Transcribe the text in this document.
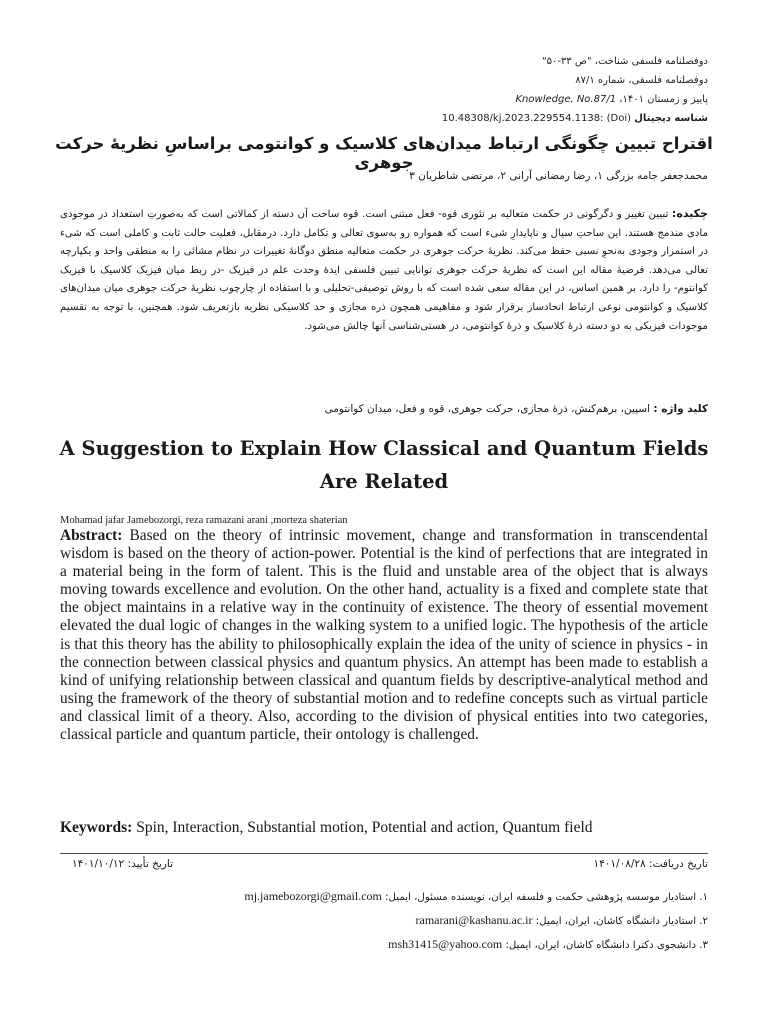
دوفصلنامه فلسفی شناخت، "ص ۳۳-۵۰"
دوفصلنامه فلسفی، شماره ۸۷/۱
پاییز و زمستان ۱۴۰۱، Knowledge, No.87/1
شناسه دیجیتال 10.48308/kj.2023.229554.1138: (Doi)
اقتراح تبیین چگونگی ارتباط میدان‌های کلاسیک و کوانتومی براساسِ نظریهٔ حرکت جوهری
محمدجعفر جامه بزرگی ۱، رضا رمضانی آرانی ۲، مرتضی شاطریان ۳
چکیده: تبیین تغییر و دگرگونی در حکمت متعالیه بر تئوری قوه- فعل مبتنی است. قوه ساحت آن دسته از کمالاتی است که به‌صورتِ استعداد در موجودی مادی مندمج هستند. این ساحتِ سیال و ناپایدارِ شیء است که همواره رو به‌سوی تعالی و تکامل دارد. درمقابل، فعلیت حالت ثابت و کاملی است که شیء در استمرار وجودی به‌نحوِ نسبی حفظ می‌کند. نظریهٔ حرکت جوهری در حکمت متعالیه منطق دوگانهٔ تغییرات در نظام مشائی را به منطقی واحد و یکپارچه تعالی می‌دهد. فرضیهٔ مقاله این است که نظریهٔ حرکت جوهری توانایی تبیین فلسفی ایدهٔ وحدت علم در فیزیک -در ربط میان فیزیک کلاسیک با فیزیک کوانتوم- را دارد. بر همین اساس، در این مقاله سعی شده است که با روش توصیفی-تحلیلی و با استفاده از چارچوب نظریهٔ حرکت جوهری میان میدان‌های کلاسیک و کوانتومی نوعی ارتباط اتحادساز برقرار شود و مفاهیمی همچون ذره مجازی و حد کلاسیکی نظریه بازتعریف شود. همچنین، با توجه به تقسیم موجودات فیزیکی به دو دسته ذرهٔ کلاسیک و ذرهٔ کوانتومی، در هستی‌شناسی آنها چالش می‌شود.
کلید واژه : اسپین، برهم‌کنش، ذرهٔ مجازی، حرکت جوهری، قوه و فعل، میدان کوانتومی
A Suggestion to Explain How Classical and Quantum Fields Are Related
Mohamad jafar Jamebozorgi, reza ramazani arani ,morteza shaterian
Abstract: Based on the theory of intrinsic movement, change and transformation in transcendental wisdom is based on the theory of action-power. Potential is the kind of perfections that are integrated in a material being in the form of talent. This is the fluid and unstable area of the object that is always moving towards excellence and evolution. On the other hand, actuality is a fixed and complete state that the object maintains in a relative way in the continuity of existence. The theory of essential movement elevated the dual logic of changes in the walking system to a unified logic. The hypothesis of the article is that this theory has the ability to philosophically explain the idea of the unity of science in physics - in the connection between classical physics and quantum physics. An attempt has been made to establish a kind of unifying relationship between classical and quantum fields by descriptive-analytical method and using the framework of the theory of substantial motion and to redefine concepts such as virtual particle and classical limit of a theory. Also, according to the division of physical entities into two categories, classical particle and quantum particle, their ontology is challenged.
Keywords: Spin, Interaction, Substantial motion, Potential and action, Quantum field
تاریخ دریافت: ۱۴۰۱/۰۸/۲۸
تاریخ تأیید: ۱۴۰۱/۱۰/۱۲
۱. استادیار موسسه پژوهشی حکمت و فلسفه ایران، نویسنده مسئول، ایمیل: mj.jamebozorgi@gmail.com
۲. استادیار دانشگاه کاشان، ایران، ایمیل: ramarani@kashanu.ac.ir
۳. دانشجوی دکترا دانشگاه کاشان، ایران، ایمیل: msh31415@yahoo.com
